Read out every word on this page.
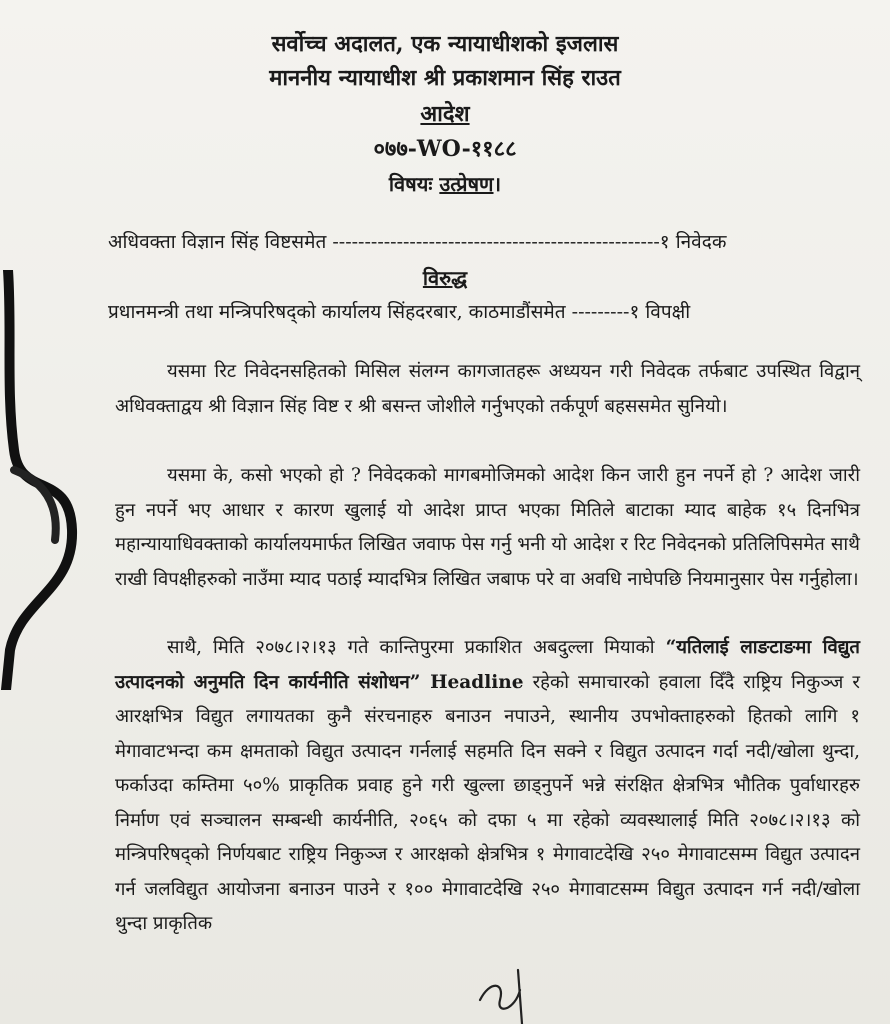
सर्वोच्च अदालत, एक न्यायाधीशको इजलास
माननीय न्यायाधीश श्री प्रकाशमान सिंह राउत
आदेश
०७७-WO-११८८
विषयः उत्प्रेषण।
अधिवक्ता विज्ञान सिंह विष्टसमेत ---------------------------------------------------१ निवेदक
विरुद्ध
प्रधानमन्त्री तथा मन्त्रिपरिषद्को कार्यालय सिंहदरबार, काठमाडौंसमेत ---------१ विपक्षी

यसमा रिट निवेदनसहितको मिसिल संलग्न कागजातहरू अध्ययन गरी निवेदक तर्फबाट उपस्थित विद्वान् अधिवक्ताद्वय श्री विज्ञान सिंह विष्ट र श्री बसन्त जोशीले गर्नुभएको तर्कपूर्ण बहससमेत सुनियो।

यसमा के, कसो भएको हो ? निवेदकको मागबमोजिमको आदेश किन जारी हुन नपर्ने हो ? आदेश जारी हुन नपर्ने भए आधार र कारण खुलाई यो आदेश प्राप्त भएका मितिले बाटाका म्याद बाहेक १५ दिनभित्र महान्यायाधिवक्ताको कार्यालयमार्फत लिखित जवाफ पेस गर्नु भनी यो आदेश र रिट निवेदनको प्रतिलिपिसमेत साथै राखी विपक्षीहरुको नाउँमा म्याद पठाई म्यादभित्र लिखित जबाफ परे वा अवधि नाघेपछि नियमानुसार पेस गर्नुहोला।

साथै, मिति २०७८।२।१३ गते कान्तिपुरमा प्रकाशित अबदुल्ला मियाको “यतिलाई लाङटाङमा विद्युत उत्पादनको अनुमति दिन कार्यनीति संशोधन” Headline रहेको समाचारको हवाला दिँदै राष्ट्रिय निकुञ्ज र आरक्षभित्र विद्युत लगायतका कुनै संरचनाहरु बनाउन नपाउने, स्थानीय उपभोक्ताहरुको हितको लागि १ मेगावाटभन्दा कम क्षमताको विद्युत उत्पादन गर्नलाई सहमति दिन सक्ने र विद्युत उत्पादन गर्दा नदी/खोला थुन्दा, फर्काउदा कम्तिमा ५०% प्राकृतिक प्रवाह हुने गरी खुल्ला छाड्नुपर्ने भन्ने संरक्षित क्षेत्रभित्र भौतिक पुर्वाधारहरु निर्माण एवं सञ्चालन सम्बन्धी कार्यनीति, २०६५ को दफा ५ मा रहेको व्यवस्थालाई मिति २०७८।२।१३ को मन्त्रिपरिषद्को निर्णयबाट राष्ट्रिय निकुञ्ज र आरक्षको क्षेत्रभित्र १ मेगावाटदेखि २५० मेगावाटसम्म विद्युत उत्पादन गर्न जलविद्युत आयोजना बनाउन पाउने र १०० मेगावाटदेखि २५० मेगावाटसम्म विद्युत उत्पादन गर्न नदी/खोला थुन्दा प्राकृतिक
